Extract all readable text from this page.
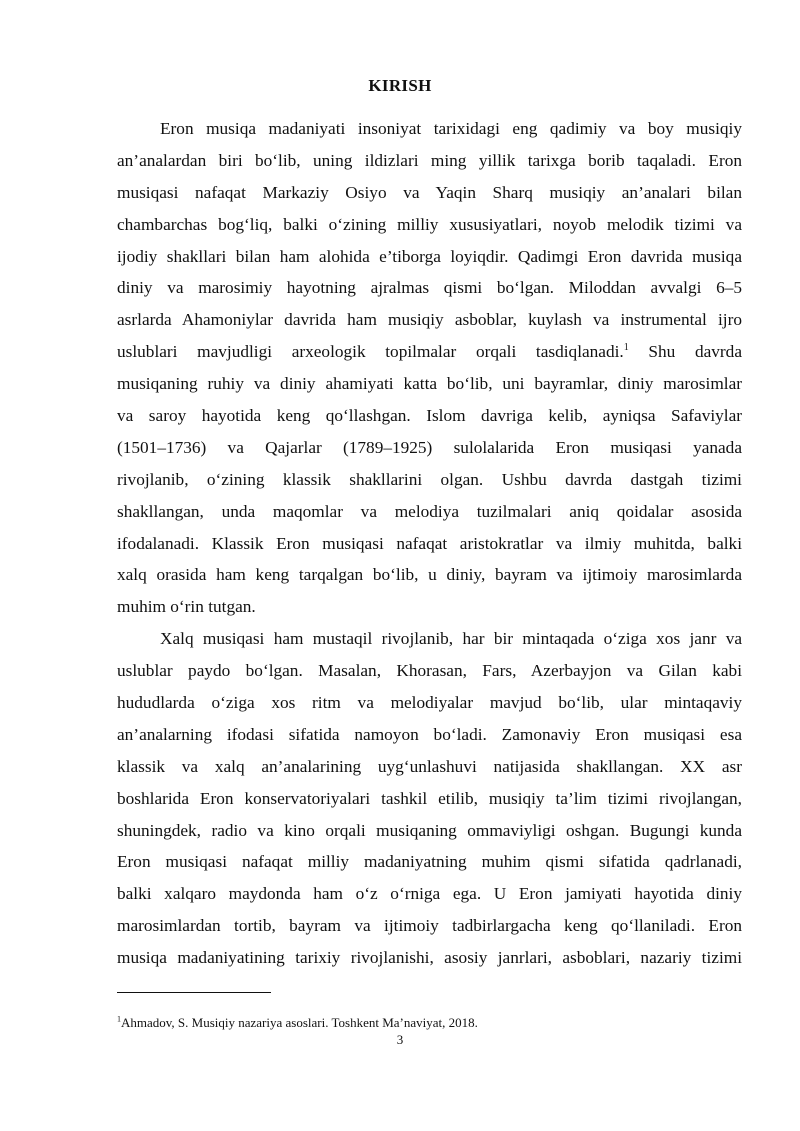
KIRISH
Eron musiqa madaniyati insoniyat tarixidagi eng qadimiy va boy musiqiy
an’analardan biri bo‘lib, uning ildizlari ming yillik tarixga borib taqaladi. Eron
musiqasi nafaqat Markaziy Osiyo va Yaqin Sharq musiqiy an’analari bilan
chambarchas bog‘liq, balki o‘zining milliy xususiyatlari, noyob melodik tizimi va
ijodiy shakllari bilan ham alohida e’tiborga loyiqdir. Qadimgi Eron davrida musiqa
diniy va marosimiy hayotning ajralmas qismi bo‘lgan. Miloddan avvalgi 6–5
asrlarda Ahamoniylar davrida ham musiqiy asboblar, kuylash va instrumental ijro
uslublari mavjudligi arxeologik topilmalar orqali tasdiqlanadi.$^1$ Shu davrda
musiqaning ruhiy va diniy ahamiyati katta bo‘lib, uni bayramlar, diniy marosimlar
va saroy hayotida keng qo‘llashgan. Islom davriga kelib, ayniqsa Safaviylar
(1501–1736) va Qajarlar (1789–1925) sulolalarida Eron musiqasi yanada
rivojlanib, o‘zining klassik shakllarini olgan. Ushbu davrda dastgah tizimi
shakllangan, unda maqomlar va melodiya tuzilmalari aniq qoidalar asosida
ifodalanadi. Klassik Eron musiqasi nafaqat aristokratlar va ilmiy muhitda, balki
xalq orasida ham keng tarqalgan bo‘lib, u diniy, bayram va ijtimoiy marosimlarda
muhim o‘rin tutgan.
Xalq musiqasi ham mustaqil rivojlanib, har bir mintaqada o‘ziga xos janr va
uslublar paydo bo‘lgan. Masalan, Khorasan, Fars, Azerbayjon va Gilan kabi
hududlarda o‘ziga xos ritm va melodiyalar mavjud bo‘lib, ular mintaqaviy
an’analarning ifodasi sifatida namoyon bo‘ladi. Zamonaviy Eron musiqasi esa
klassik va xalq an’analarining uyg‘unlashuvi natijasida shakllangan. XX asr
boshlarida Eron konservatoriyalari tashkil etilib, musiqiy ta’lim tizimi rivojlangan,
shuningdek, radio va kino orqali musiqaning ommaviyligi oshgan. Bugungi kunda
Eron musiqasi nafaqat milliy madaniyatning muhim qismi sifatida qadrlanadi,
balki xalqaro maydonda ham o‘z o‘rniga ega. U Eron jamiyati hayotida diniy
marosimlardan tortib, bayram va ijtimoiy tadbirlargacha keng qo‘llaniladi. Eron
musiqa madaniyatining tarixiy rivojlanishi, asosiy janrlari, asboblari, nazariy tizimi
$^1$Ahmadov, S. Musiqiy nazariya asoslari. Toshkent Ma’naviyat, 2018.
3
